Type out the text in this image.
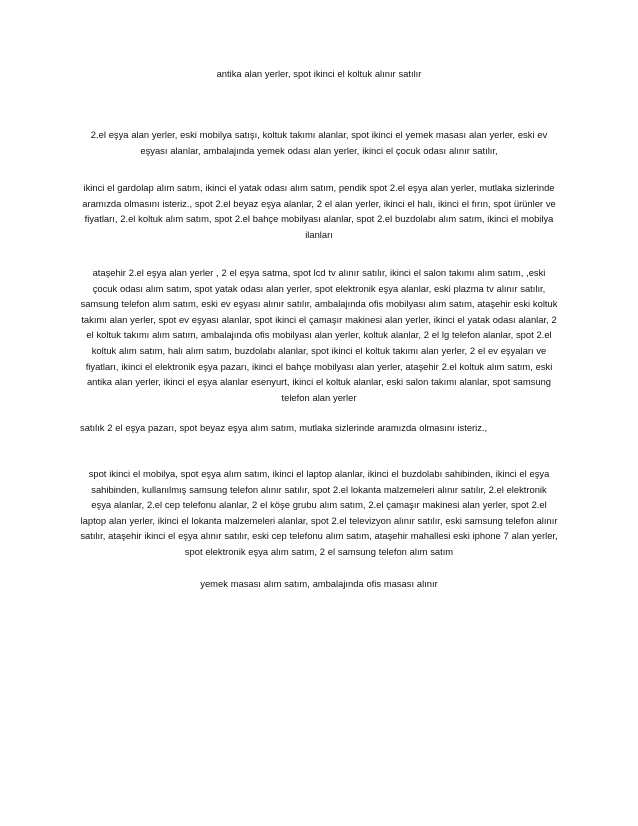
antika alan yerler, spot ikinci el koltuk alınır satılır

2.el eşya alan yerler, eski mobilya satışı, koltuk takımı alanlar, spot ikinci el yemek masası alan yerler, eski ev eşyası alanlar, ambalajında yemek odası alan yerler, ikinci el çocuk odası alınır satılır,

ikinci el gardolap alım satım, ikinci el yatak odası alım satım, pendik spot 2.el eşya alan yerler, mutlaka sizlerinde aramızda olmasını isteriz., spot 2.el beyaz eşya alanlar, 2 el alan yerler, ikinci el halı, ikinci el fırın, spot ürünler ve fiyatları, 2.el koltuk alım satım, spot 2.el bahçe mobilyası alanlar, spot 2.el buzdolabı alım satım, ikinci el mobilya ilanları

ataşehir 2.el eşya alan yerler , 2 el eşya satma, spot lcd tv alınır satılır, ikinci el salon takımı alım satım, ,eski çocuk odası alım satım, spot yatak odası alan yerler, spot elektronik eşya alanlar, eski plazma tv alınır satılır, samsung telefon alım satım, eski ev eşyası alınır satılır, ambalajında ofis mobilyası alım satım, ataşehir eski koltuk takımı alan yerler, spot ev eşyası alanlar, spot ikinci el çamaşır makinesi alan yerler, ikinci el yatak odası alanlar, 2 el koltuk takımı alım satım, ambalajında ofis mobilyası alan yerler, koltuk alanlar, 2 el lg telefon alanlar, spot 2.el koltuk alım satım, halı alım satım, buzdolabı alanlar, spot ikinci el koltuk takımı alan yerler, 2 el ev eşyaları ve fiyatları, ikinci el elektronik eşya pazarı, ikinci el bahçe mobilyası alan yerler, ataşehir 2.el koltuk alım satım, eski antika alan yerler, ikinci el eşya alanlar esenyurt, ikinci el koltuk alanlar, eski salon takımı alanlar, spot samsung telefon alan yerler

satılık 2 el eşya pazarı, spot beyaz eşya alım satım, mutlaka sizlerinde aramızda olmasını isteriz.,

spot ikinci el mobilya, spot eşya alım satım, ikinci el laptop alanlar, ikinci el buzdolabı sahibinden, ikinci el eşya sahibinden, kullanılmış samsung telefon alınır satılır, spot 2.el lokanta malzemeleri alınır satılır, 2.el elektronik eşya alanlar, 2.el cep telefonu alanlar, 2 el köşe grubu alım satım, 2.el çamaşır makinesi alan yerler, spot 2.el laptop alan yerler, ikinci el lokanta malzemeleri alanlar, spot 2.el televizyon alınır satılır, eski samsung telefon alınır satılır, ataşehir ikinci el eşya alınır satılır, eski cep telefonu alım satım, ataşehir mahallesi eski iphone 7 alan yerler, spot elektronik eşya alım satım, 2 el samsung telefon alım satım

yemek masası alım satım, ambalajında ofis masası alınır
